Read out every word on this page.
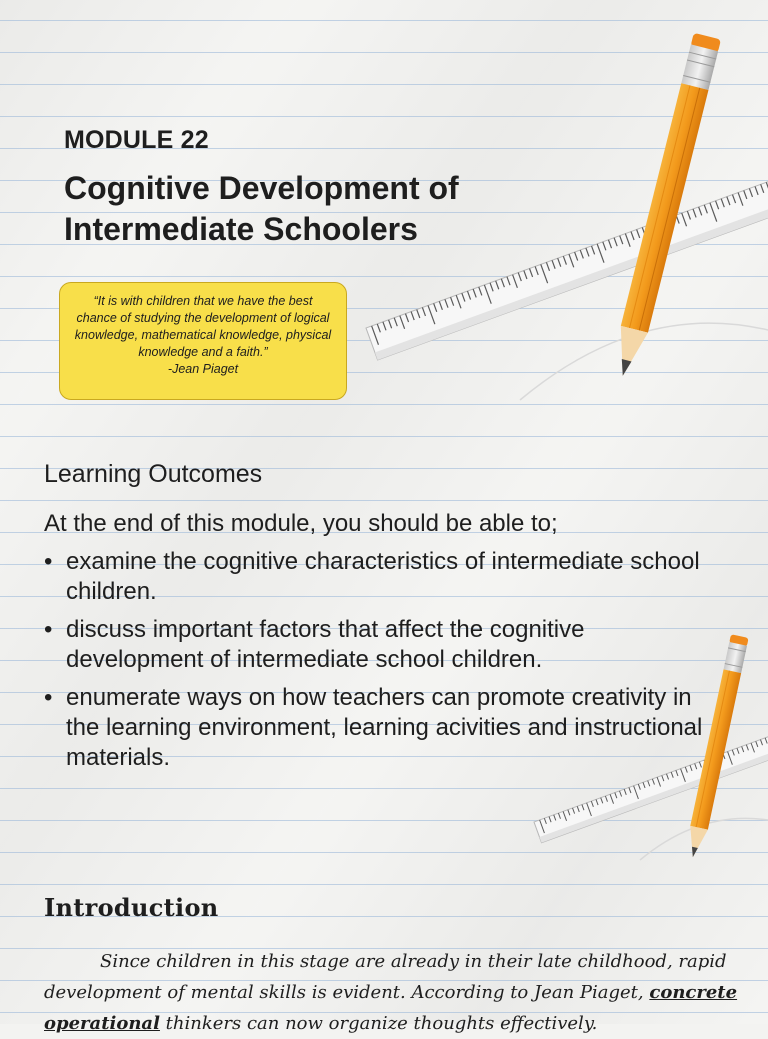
MODULE 22
Cognitive Development of Intermediate Schoolers

“It is with children that we have the best chance of studying the development of logical knowledge, mathematical knowledge, physical knowledge and a faith.”

-Jean Piaget

Learning Outcomes

At the end of this module, you should be able to;

• examine the cognitive characteristics of intermediate school children.
• discuss important factors that affect the cognitive development of intermediate school children.
• enumerate ways on how teachers can promote creativity in the learning environment, learning acivities and instructional materials.
Introduction

Since children in this stage are already in their late childhood, rapid development of mental skills is evident. According to Jean Piaget, concrete operational thinkers can now organize thoughts effectively.
